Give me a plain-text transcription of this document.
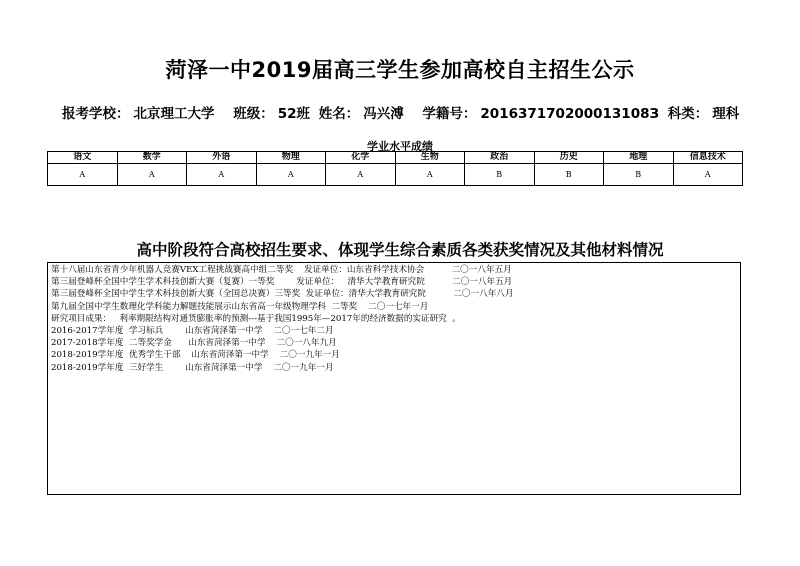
菏泽一中2019届高三学生参加高校自主招生公示
报考学校： 北京理工大学 班级： 52班 姓名： 冯兴溥 学籍号： 201637170200013108З 科类： 理科
学业水平成绩
语文	数学	外语	物理	化学	生物	政治	历史	地理	信息技术
A	A	A	A	A	A	B	B	B	A
高中阶段符合高校招生要求、体现学生综合素质各类获奖情况及其他材料情况
第十八届山东省青少年机器人竞赛VEX工程挑战赛高中组二等奖    发证单位：山东省科学技术协会          二〇一八年五月
第三届登峰杯全国中学生学术科技创新大赛（复赛）一等奖        发证单位：   清华大学教育研究院          二〇一八年五月
第三届登峰杯全国中学生学术科技创新大赛（全国总决赛）三等奖  发证单位：清华大学教育研究院          二〇一八年八月
第九届全国中学生数理化学科能力解题技能展示山东省高一年级物理学科  二等奖    二〇一七年一月
研究项目成果：   利率期限结构对通货膨胀率的预测---基于我国1995年—2017年的经济数据的实证研究  。
2016-2017学年度  学习标兵        山东省菏泽第一中学    二〇一七年二月
2017-2018学年度  二等奖学金      山东省菏泽第一中学    二〇一八年九月
2018-2019学年度  优秀学生干部    山东省菏泽第一中学    二〇一九年一月
2018-2019学年度  三好学生        山东省菏泽第一中学    二〇一九年一月
